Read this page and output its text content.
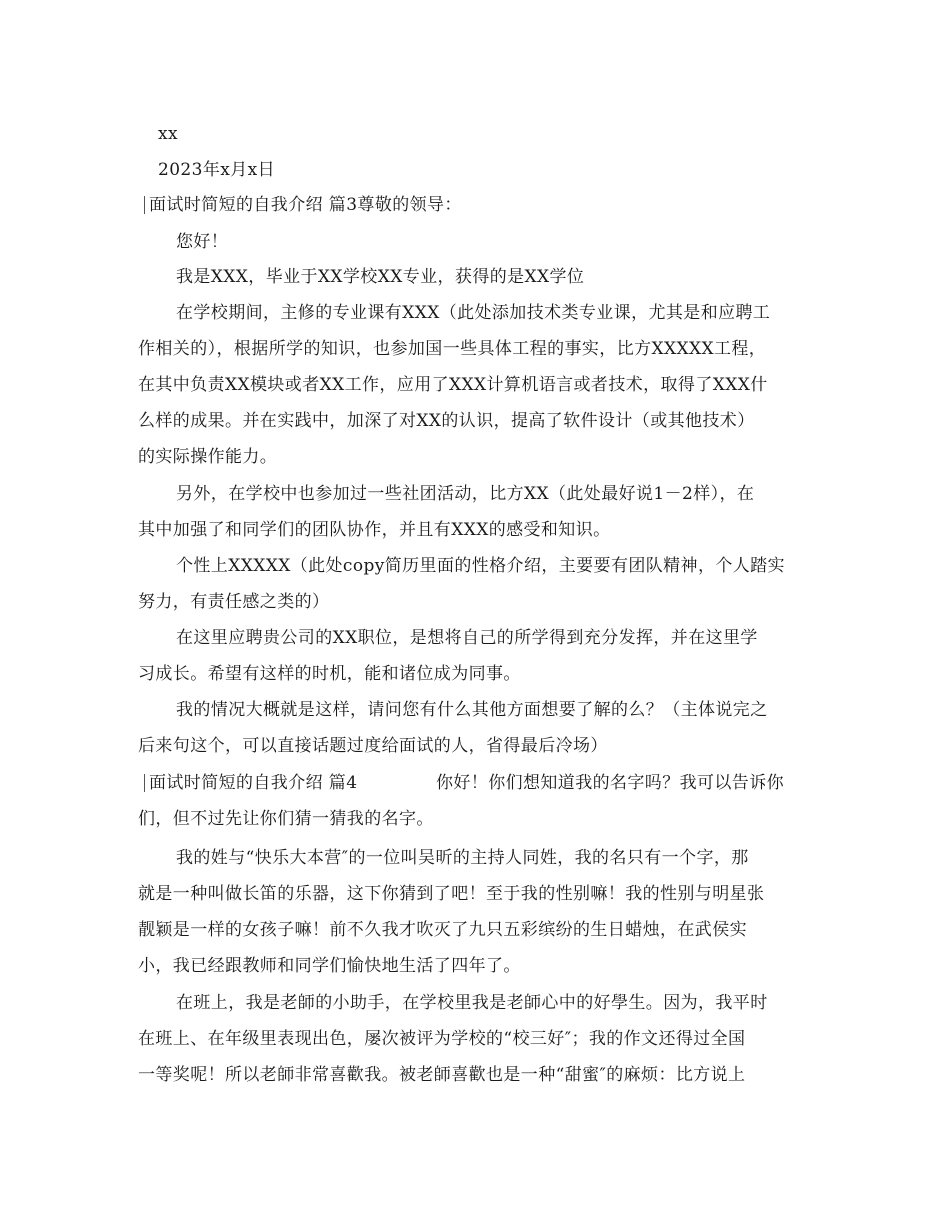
xx
2023年x月x日
面试时简短的自我介绍 篇3尊敬的领导：
您好！
我是XXX，毕业于XX学校XX专业，获得的是XX学位
在学校期间，主修的专业课有XXX（此处添加技术类专业课，尤其是和应聘工
作相关的），根据所学的知识，也参加国一些具体工程的事实，比方XXXXX工程，
在其中负责XX模块或者XX工作，应用了XXX计算机语言或者技术，取得了XXX什
么样的成果。并在实践中，加深了对XX的认识，提高了软件设计（或其他技术）
的实际操作能力。
另外，在学校中也参加过一些社团活动，比方XX（此处最好说1－2样），在
其中加强了和同学们的团队协作，并且有XXX的感受和知识。
个性上XXXXX（此处copy简历里面的性格介绍，主要要有团队精神，个人踏实
努力，有责任感之类的）
在这里应聘贵公司的XX职位，是想将自己的所学得到充分发挥，并在这里学
习成长。希望有这样的时机，能和诸位成为同事。
我的情况大概就是这样，请问您有什么其他方面想要了解的么？（主体说完之
后来句这个，可以直接话题过度给面试的人，省得最后冷场）
面试时简短的自我介绍 篇4	你好！你们想知道我的名字吗？我可以告诉你
们，但不过先让你们猜一猜我的名字。
我的姓与“快乐大本营″的一位叫吴昕的主持人同姓，我的名只有一个字，那
就是一种叫做长笛的乐器，这下你猜到了吧！至于我的性别嘛！我的性别与明星张
靓颖是一样的女孩子嘛！前不久我才吹灭了九只五彩缤纷的生日蜡烛，在武侯实
小，我已经跟教师和同学们愉快地生活了四年了。
在班上，我是老師的小助手，在学校里我是老師心中的好學生。因为，我平时
在班上、在年级里表现出色，屡次被评为学校的“校三好″；我的作文还得过全国
一等奖呢！所以老師非常喜歡我。被老師喜歡也是一种“甜蜜″的麻烦：比方说上
